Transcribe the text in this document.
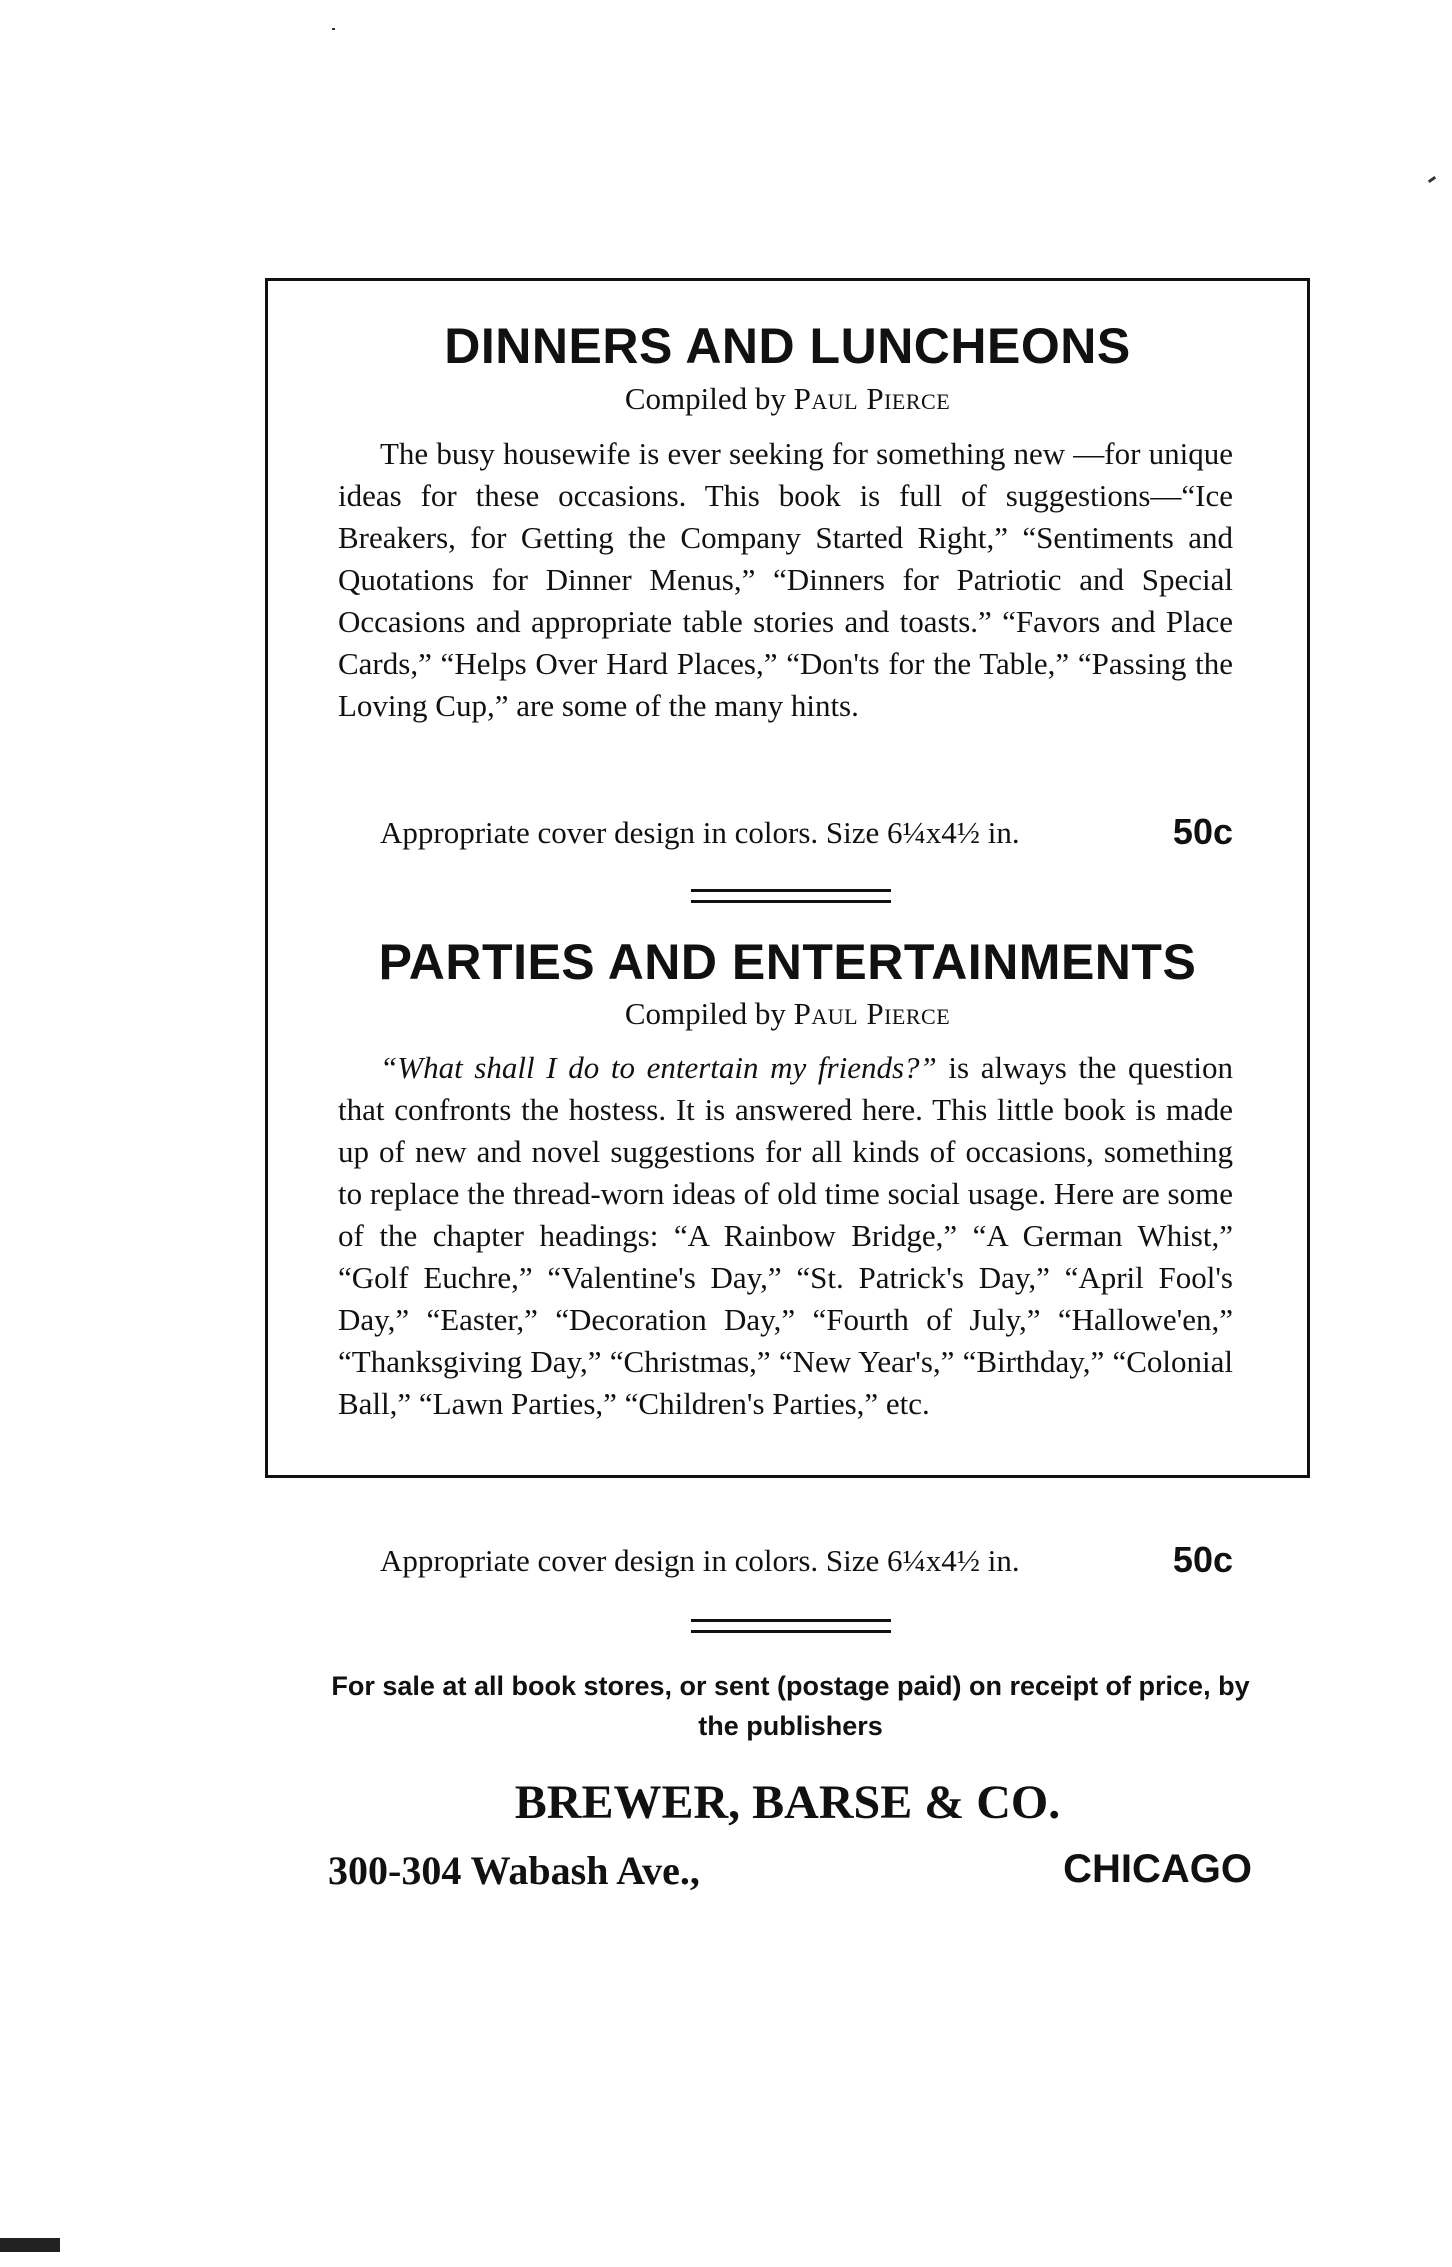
DINNERS AND LUNCHEONS
Compiled by Paul Pierce

The busy housewife is ever seeking for something new —for unique ideas for these occasions. This book is full of suggestions—“Ice Breakers, for Getting the Company Started Right,” “Sentiments and Quotations for Dinner Menus,” “Dinners for Patriotic and Special Occasions and appropriate table stories and toasts.” “Favors and Place Cards,” “Helps Over Hard Places,” “Don'ts for the Table,” “Passing the Loving Cup,” are some of the many hints.

Appropriate cover design in colors. Size 6¼x4½ in.	50c
PARTIES AND ENTERTAINMENTS
Compiled by Paul Pierce

“What shall I do to entertain my friends?” is always the question that confronts the hostess. It is answered here. This little book is made up of new and novel suggestions for all kinds of occasions, something to replace the thread-worn ideas of old time social usage. Here are some of the chapter headings: “A Rainbow Bridge,” “A German Whist,” “Golf Euchre,” “Valentine's Day,” “St. Patrick's Day,” “April Fool's Day,” “Easter,” “Decoration Day,” “Fourth of July,” “Hallowe'en,” “Thanksgiving Day,” “Christmas,” “New Year's,” “Birthday,” “Colonial Ball,” “Lawn Parties,” “Children's Parties,” etc.

Appropriate cover design in colors. Size 6¼x4½ in.	50c

For sale at all book stores, or sent (postage paid) on receipt of price, by the publishers

BREWER, BARSE & CO.
300-304 Wabash Ave.,	CHICAGO
